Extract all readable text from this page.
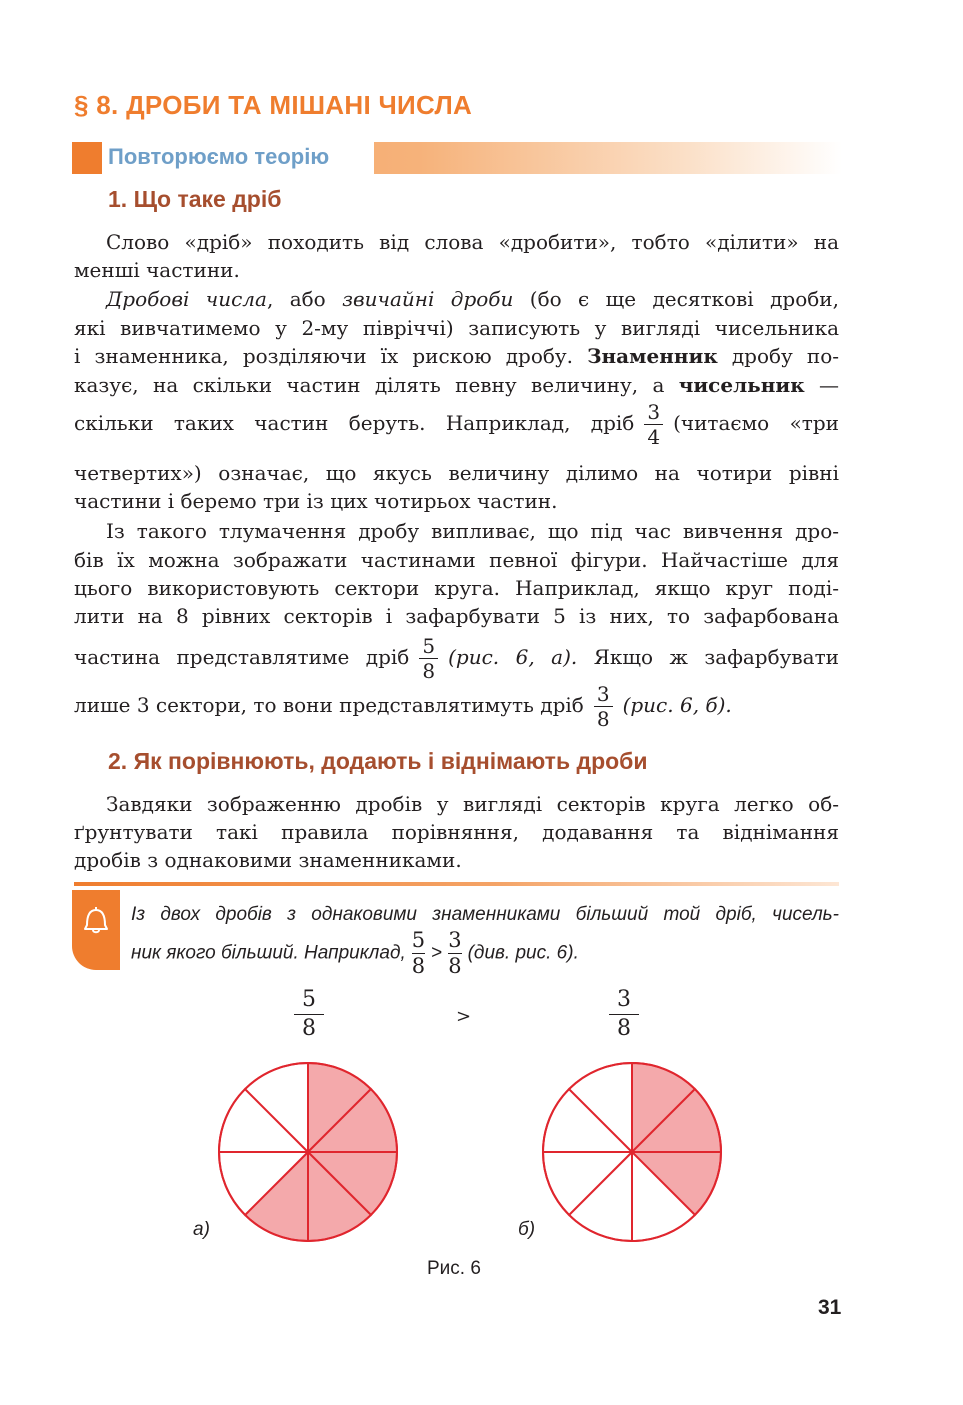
§ 8. ДРОБИ ТА МІШАНІ ЧИСЛА
Повторюємо теорію
1. Що таке дріб
Слово «дріб» походить від слова «дробити», тобто «ділити» на
менші частини.
Дробові числа, або звичайні дроби (бо є ще десяткові дроби,
які вивчатимемо у 2-му півріччі) записують у вигляді чисельника
і знаменника, розділяючи їх рискою дробу. Знаменник дробу по-
казує, на скільки частин ділять певну величину, а чисельник —
скільки таких частин беруть. Наприклад, дріб $\frac{3}{4}$ (читаємо «три
четвертих») означає, що якусь величину ділимо на чотири рівні
частини і беремо три із цих чотирьох частин.
Із такого тлумачення дробу випливає, що під час вивчення дро-
бів їх можна зображати частинами певної фігури. Найчастіше для
цього використовують сектори круга. Наприклад, якщо круг поді-
лити на 8 рівних секторів і зафарбувати 5 із них, то зафарбована
частина представлятиме дріб $\frac{5}{8} (рис$. 6, а). Якщо ж зафарбувати
лише 3 сектори, то вони представлятимуть дріб $\frac{3}{8} (рис$. 6, б).
2. Як порівнюють, додають і віднімають дроби
Завдяки зображенню дробів у вигляді секторів круга легко об-
ґрунтувати такі правила порівняння, додавання та віднімання
дробів з однаковими знаменниками.
Із двох дробів з однаковими знаменниками більший той дріб, чисель-
ник якого більший. Наприклад, $\frac{5}{8} > \frac{3}{8} (див$. рис. 6).
$\frac{5}{8}$	>	$\frac{3}{8}$
а)	б)
Рис. 6
31
